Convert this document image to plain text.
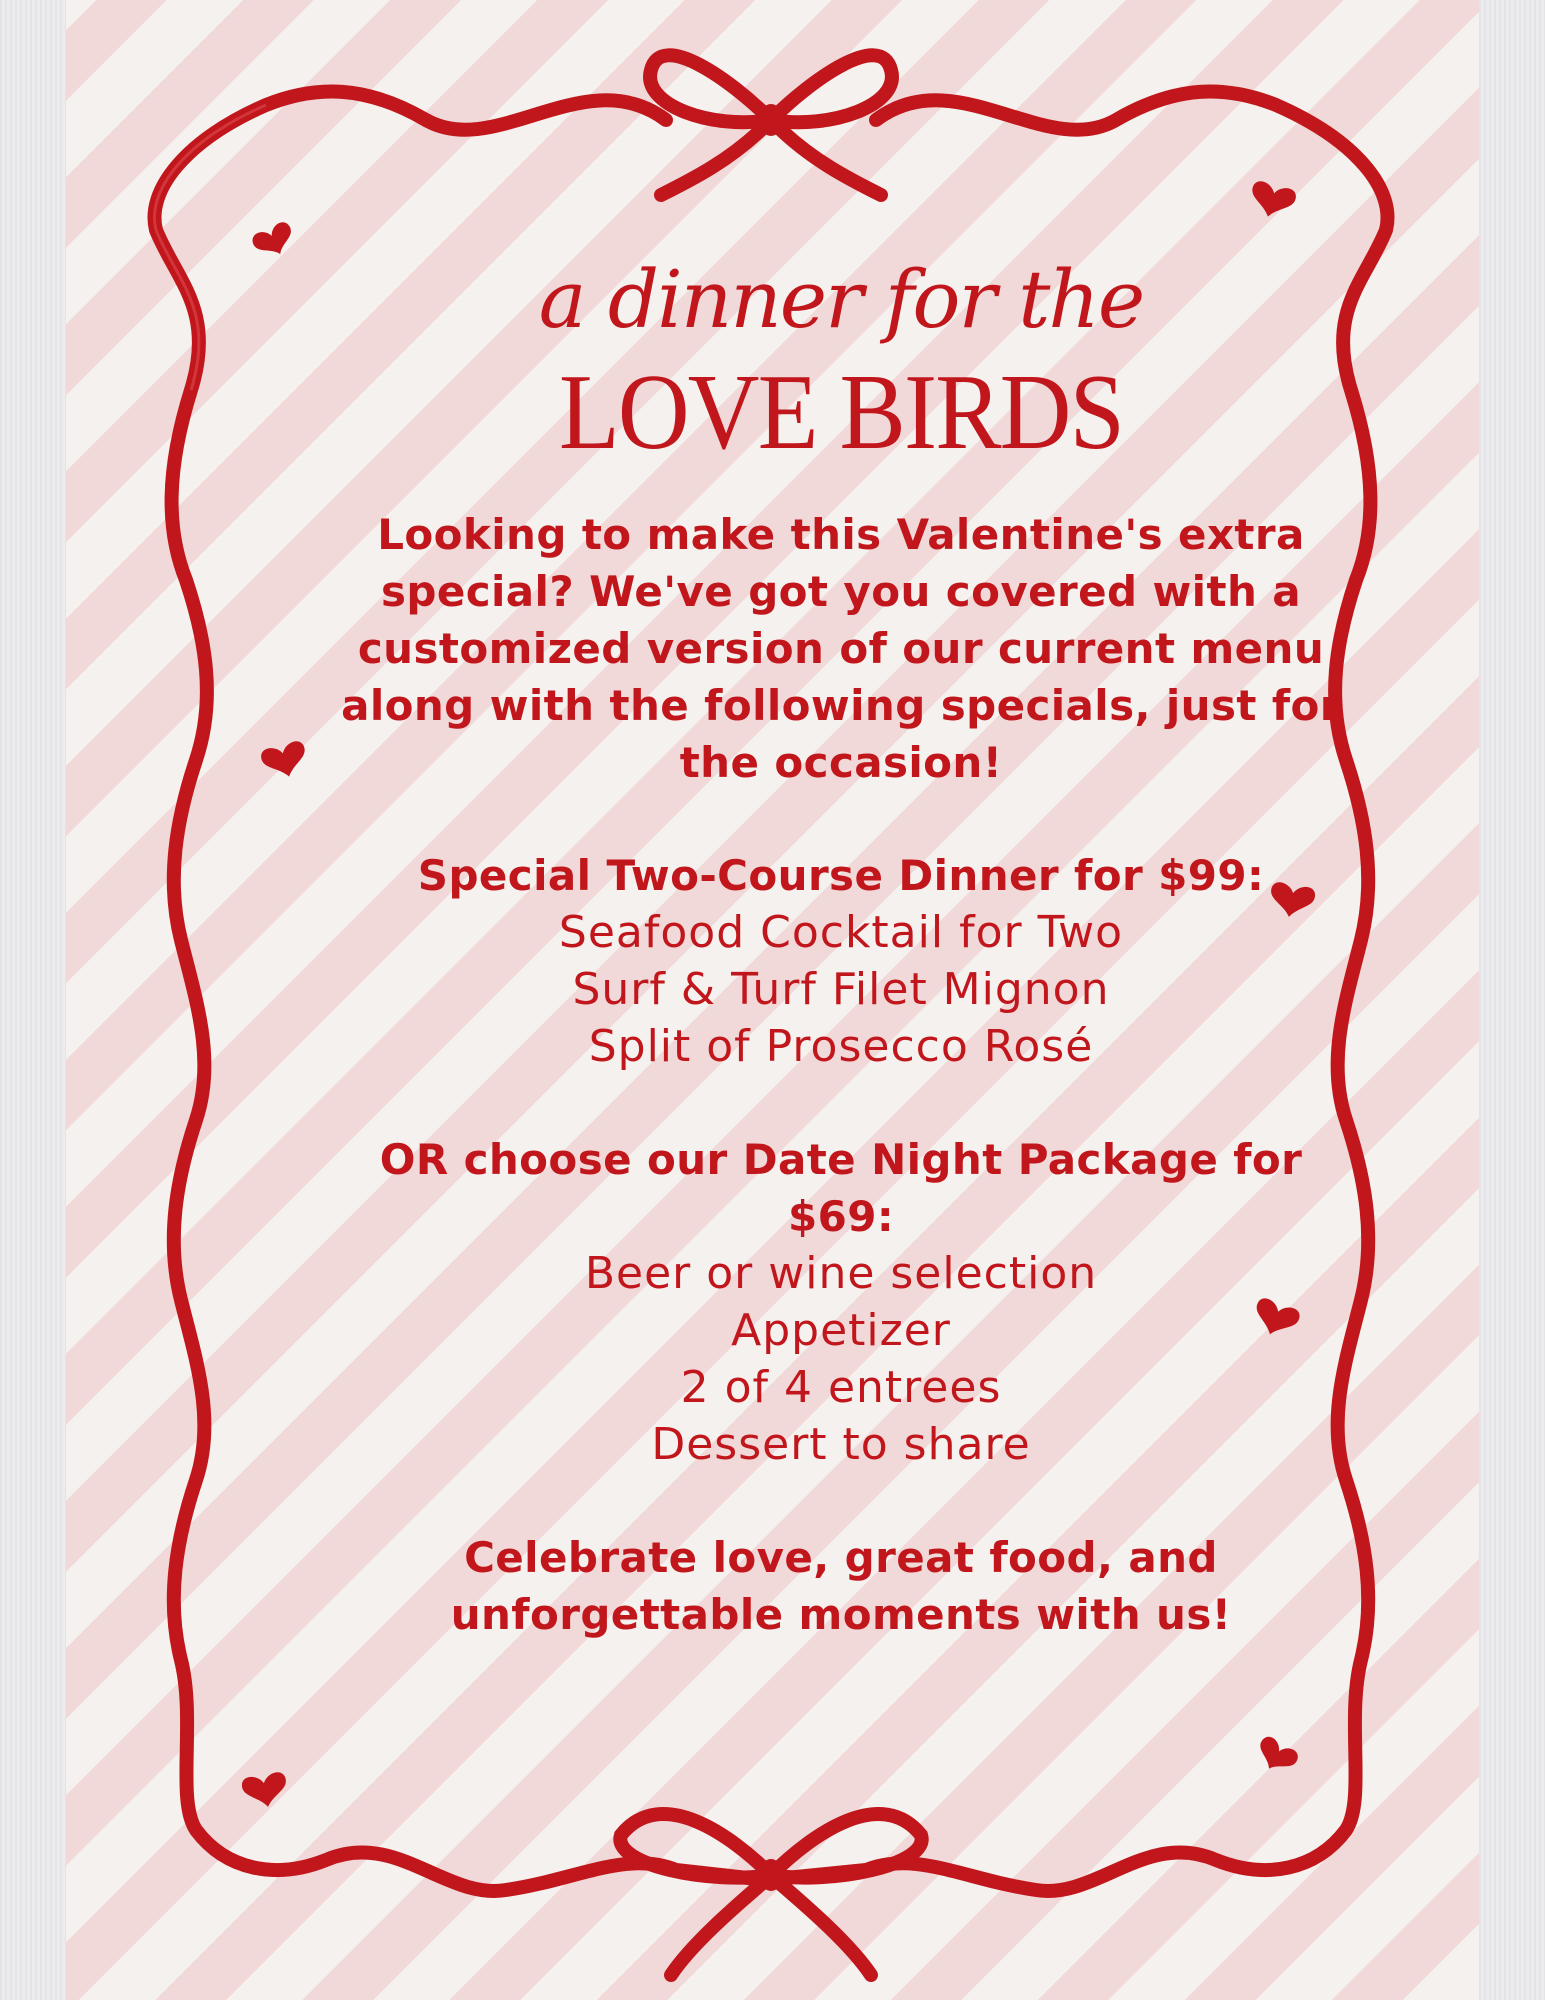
a dinner for the
LOVE BIRDS

Looking to make this Valentine's extra special? We've got you covered with a customized version of our current menu along with the following specials, just for the occasion!

Special Two-Course Dinner for $99:
Seafood Cocktail for Two
Surf & Turf Filet Mignon
Split of Prosecco Rosé
OR choose our Date Night Package for $69:
Beer or wine selection
Appetizer
2 of 4 entrees
Dessert to share

Celebrate love, great food, and unforgettable moments with us!
